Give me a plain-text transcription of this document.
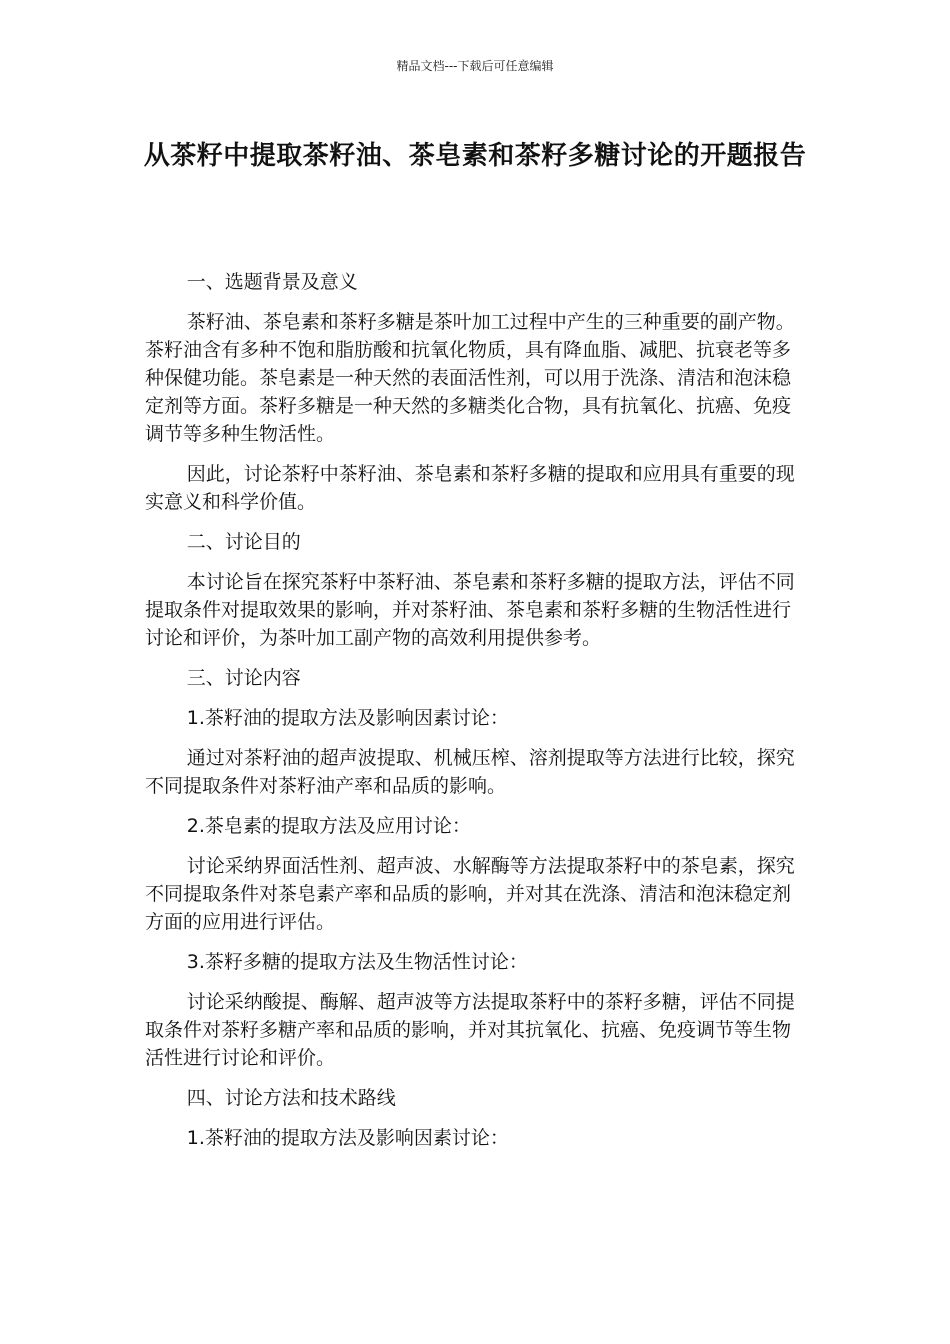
精品文档---下载后可任意编辑
从茶籽中提取茶籽油、茶皂素和茶籽多糖讨论的开题报告

一、选题背景及意义

茶籽油、茶皂素和茶籽多糖是茶叶加工过程中产生的三种重要的副产物。茶籽油含有多种不饱和脂肪酸和抗氧化物质，具有降血脂、减肥、抗衰老等多种保健功能。茶皂素是一种天然的表面活性剂，可以用于洗涤、清洁和泡沫稳定剂等方面。茶籽多糖是一种天然的多糖类化合物，具有抗氧化、抗癌、免疫调节等多种生物活性。

因此，讨论茶籽中茶籽油、茶皂素和茶籽多糖的提取和应用具有重要的现实意义和科学价值。

二、讨论目的

本讨论旨在探究茶籽中茶籽油、茶皂素和茶籽多糖的提取方法，评估不同提取条件对提取效果的影响，并对茶籽油、茶皂素和茶籽多糖的生物活性进行讨论和评价，为茶叶加工副产物的高效利用提供参考。

三、讨论内容

1.茶籽油的提取方法及影响因素讨论：

通过对茶籽油的超声波提取、机械压榨、溶剂提取等方法进行比较，探究不同提取条件对茶籽油产率和品质的影响。

2.茶皂素的提取方法及应用讨论：

讨论采纳界面活性剂、超声波、水解酶等方法提取茶籽中的茶皂素，探究不同提取条件对茶皂素产率和品质的影响，并对其在洗涤、清洁和泡沫稳定剂方面的应用进行评估。

3.茶籽多糖的提取方法及生物活性讨论：

讨论采纳酸提、酶解、超声波等方法提取茶籽中的茶籽多糖，评估不同提取条件对茶籽多糖产率和品质的影响，并对其抗氧化、抗癌、免疫调节等生物活性进行讨论和评价。

四、讨论方法和技术路线

1.茶籽油的提取方法及影响因素讨论：
